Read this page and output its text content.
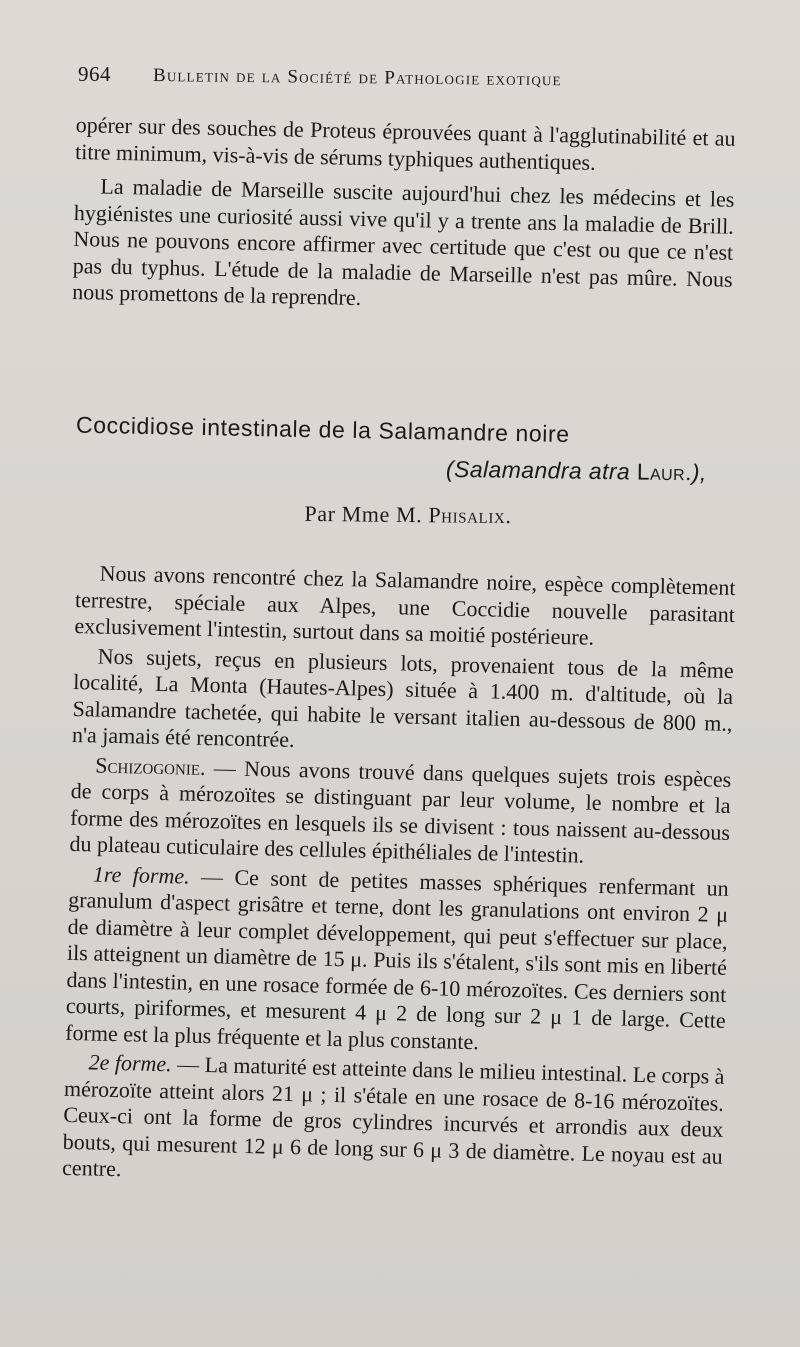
964 Bulletin de la Société de Pathologie exotique

opérer sur des souches de Proteus éprouvées quant à l'agglutinabilité et au titre minimum, vis-à-vis de sérums typhiques authentiques.

La maladie de Marseille suscite aujourd'hui chez les médecins et les hygiénistes une curiosité aussi vive qu'il y a trente ans la maladie de Brill. Nous ne pouvons encore affirmer avec certitude que c'est ou que ce n'est pas du typhus. L'étude de la maladie de Marseille n'est pas mûre. Nous nous promettons de la reprendre.

Coccidiose intestinale de la Salamandre noire
(Salamandra atra Laur.),
Par Mme M. Phisalix.

Nous avons rencontré chez la Salamandre noire, espèce complètement terrestre, spéciale aux Alpes, une Coccidie nouvelle parasitant exclusivement l'intestin, surtout dans sa moitié postérieure.

Nos sujets, reçus en plusieurs lots, provenaient tous de la même localité, La Monta (Hautes-Alpes) située à 1.400 m. d'altitude, où la Salamandre tachetée, qui habite le versant italien au-dessous de 800 m., n'a jamais été rencontrée.

Schizogonie. — Nous avons trouvé dans quelques sujets trois espèces de corps à mérozoïtes se distinguant par leur volume, le nombre et la forme des mérozoïtes en lesquels ils se divisent : tous naissent au-dessous du plateau cuticulaire des cellules épithéliales de l'intestin.

1re forme. — Ce sont de petites masses sphériques renfermant un granulum d'aspect grisâtre et terne, dont les granulations ont environ 2 μ de diamètre à leur complet développement, qui peut s'effectuer sur place, ils atteignent un diamètre de 15 μ. Puis ils s'étalent, s'ils sont mis en liberté dans l'intestin, en une rosace formée de 6-10 mérozoïtes. Ces derniers sont courts, piriformes, et mesurent 4 μ 2 de long sur 2 μ 1 de large. Cette forme est la plus fréquente et la plus constante.

2e forme. — La maturité est atteinte dans le milieu intestinal. Le corps à mérozoïte atteint alors 21 μ ; il s'étale en une rosace de 8-16 mérozoïtes. Ceux-ci ont la forme de gros cylindres incurvés et arrondis aux deux bouts, qui mesurent 12 μ 6 de long sur 6 μ 3 de diamètre. Le noyau est au centre.
